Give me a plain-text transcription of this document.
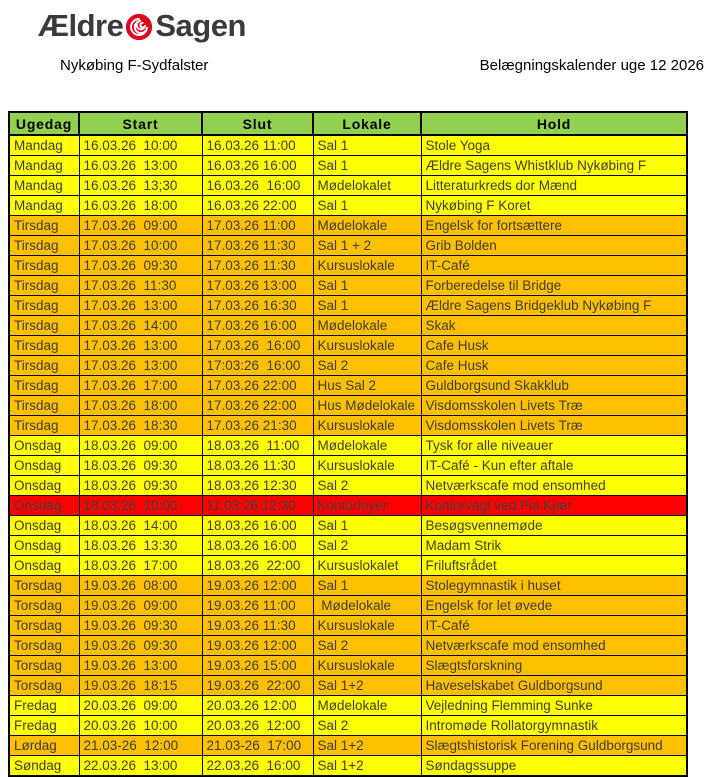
Ældre Sagen
Nykøbing F-Sydfalster	Belægningskalender uge 12 2026
Ugedag	Start	Slut	Lokale	Hold
Mandag	16.03.26  10:00	16.03.26 11:00	Sal 1	Stole Yoga
Mandag	16.03.26  13:00	16.03.26 16:00	Sal 1	Ældre Sagens Whistklub Nykøbing F
Mandag	16.03.26  13;30	16.03.26  16:00	Mødelokalet	Litteraturkreds dor Mænd
Mandag	16.03.26  18:00	16.03.26 22:00	Sal 1	Nykøbing F Koret
Tirsdag	17.03.26  09:00	17.03.26 11:00	Mødelokale	Engelsk for fortsættere
Tirsdag	17.03.26  10:00	17.03.26 11:30	Sal 1 + 2	Grib Bolden
Tirsdag	17.03.26  09:30	17.03.26 11:30	Kursuslokale	IT-Café
Tirsdag	17.03.26  11:30	17.03.26 13:00	Sal 1	Forberedelse til Bridge
Tirsdag	17.03.26  13:00	17.03.26 16:30	Sal 1	Ældre Sagens Bridgeklub Nykøbing F
Tirsdag	17.03.26  14:00	17.03.26 16:00	Mødelokale	Skak
Tirsdag	17.03.26  13:00	17.03.26  16:00	Kursuslokale	Cafe Husk
Tirsdag	17.03.26  13:00	17:03:26  16:00	Sal 2	Cafe Husk
Tirsdag	17.03.26  17:00	17.03.26 22:00	Hus Sal 2	Guldborgsund Skakklub
Tirsdag	17.03.26  18:00	17.03.26 22:00	Hus Mødelokale	Visdomsskolen Livets Træ
Tirsdag	17.03.26  18:30	17.03.26 21:30	Kursuslokale	Visdomsskolen Livets Træ
Onsdag	18.03.26  09:00	18.03.26  11:00	Mødelokale	Tysk for alle niveauer
Onsdag	18.03.26  09:30	18.03.26 11:30	Kursuslokale	IT-Café - Kun efter aftale
Onsdag	18.03.26  09:30	18.03.26 12:30	Sal 2	Netværkscafe mod ensomhed
Onsdag	18.03.26  10:00	11.03.26 12:30	Kontorfoyer	Kontorvagt ved Pia Kjær
Onsdag	18.03.26  14:00	18.03.26 16:00	Sal 1	Besøgsvennemøde
Onsdag	18.03.26  13:30	18.03.26 16:00	Sal 2	Madam Strik
Onsdag	18.03.26  17:00	18.03.26  22:00	Kursuslokalet	Friluftsrådet
Torsdag	19.03.26  08:00	19.03.26 12:00	Sal 1	Stolegymnastik i huset
Torsdag	19.03.26  09:00	19.03.26 11:00	Mødelokale	Engelsk for let øvede
Torsdag	19.03.26  09:30	19.03.26 11:30	Kursuslokale	IT-Café
Torsdag	19.03.26  09:30	19.03.26 12:00	Sal 2	Netværkscafe mod ensomhed
Torsdag	19.03.26  13:00	19.03.26 15:00	Kursuslokale	Slægtsforskning
Torsdag	19.03.26  18:15	19.03.26  22:00	Sal 1+2	Haveselskabet Guldborgsund
Fredag	20.03.26  09:00	20.03.26 12:00	Mødelokale	Vejledning Flemming Sunke
Fredag	20.03.26  10:00	20.03.26  12:00	Sal 2	Intromøde Rollatorgymnastik
Lørdag	21.03-26  12:00	21.03-26  17:00	Sal 1+2	Slægtshistorisk Forening Guldborgsund
Søndag	22.03.26  13:00	22.03.26  16:00	Sal 1+2	Søndagssuppe
